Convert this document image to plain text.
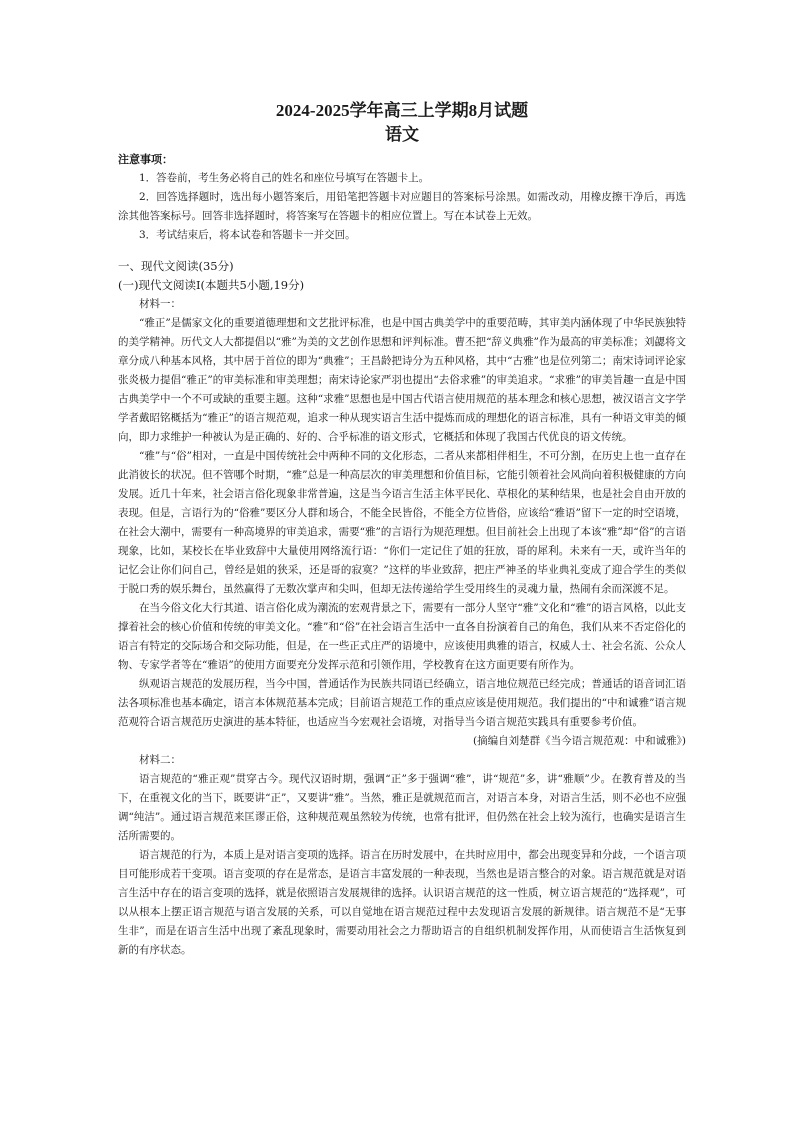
2024-2025学年高三上学期8月试题
语文
注意事项：
1．答卷前，考生务必将自己的姓名和座位号填写在答题卡上。
2．回答选择题时，选出每小题答案后，用铅笔把答题卡对应题目的答案标号涂黑。如需改动，用橡皮擦干净后，再选涂其他答案标号。回答非选择题时，将答案写在答题卡的相应位置上。写在本试卷上无效。
3．考试结束后，将本试卷和答题卡一并交回。
一、现代文阅读(35分)
(一)现代文阅读Ⅰ(本题共5小题,19分)
材料一：
“雅正”是儒家文化的重要道德理想和文艺批评标准，也是中国古典美学中的重要范畴，其审美内涵体现了中华民族独特的美学精神。历代文人大都提倡以“雅”为美的文艺创作思想和评判标准。曹丕把“辞义典雅”作为最高的审美标准；刘勰将文章分成八种基本风格，其中居于首位的即为“典雅”；王昌龄把诗分为五种风格，其中“古雅”也是位列第二；南宋诗词评论家张炎极力提倡“雅正”的审美标准和审美理想；南宋诗论家严羽也提出“去俗求雅”的审美追求。“求雅”的审美旨趣一直是中国古典美学中一个不可或缺的重要主题。这种“求雅”思想也是中国古代语言使用规范的基本理念和核心思想，被汉语言文字学学者戴昭铭概括为“雅正”的语言规范观，追求一种从现实语言生活中提炼而成的理想化的语言标准，具有一种语文审美的倾向，即力求维护一种被认为是正确的、好的、合乎标准的语文形式，它概括和体现了我国古代优良的语文传统。
“雅”与“俗”相对，一直是中国传统社会中两种不同的文化形态，二者从来都相伴相生，不可分割，在历史上也一直存在此消彼长的状况。但不管哪个时期，“雅”总是一种高层次的审美理想和价值目标，它能引领着社会风尚向着积极健康的方向发展。近几十年来，社会语言俗化现象非常普遍，这是当今语言生活主体平民化、草根化的某种结果，也是社会自由开放的表现。但是，言语行为的“俗雅”要区分人群和场合，不能全民皆俗，不能全方位皆俗，应该给“雅语”留下一定的时空语境，在社会大潮中，需要有一种高境界的审美追求，需要“雅”的言语行为规范理想。但目前社会上出现了本该“雅”却“俗”的言语现象，比如，某校长在毕业致辞中大量使用网络流行语：“你们一定记住了姐的狂放，哥的犀利。未来有一天，或许当年的记忆会让你们问自己，曾经是姐的狭采，还是哥的寂寞？”这样的毕业致辞，把庄严神圣的毕业典礼变成了迎合学生的类似于脱口秀的娱乐舞台，虽然赢得了无数次掌声和尖叫，但却无法传递给学生受用终生的灵魂力量，热闹有余而深渡不足。
在当今俗文化大行其道、语言俗化成为潮流的宏观背景之下，需要有一部分人坚守“雅”文化和“雅”的语言风格，以此支撑着社会的核心价值和传统的审美文化。“雅”和“俗”在社会语言生活中一直各自扮演着自己的角色，我们从来不否定俗化的语言有特定的交际场合和交际功能，但是，在一些正式庄严的语境中，应该使用典雅的语言，权威人士、社会名流、公众人物、专家学者等在“雅语”的使用方面要充分发挥示范和引领作用，学校教育在这方面更要有所作为。
纵观语言规范的发展历程，当今中国，普通话作为民族共同语已经确立，语言地位规范已经完成；普通话的语音词汇语法各项标准也基本确定，语言本体规范基本完成；目前语言规范工作的重点应该是使用规范。我们提出的“中和诚雅”语言规范观符合语言规范历史演进的基本特征，也适应当今宏观社会语境，对指导当今语言规范实践具有重要参考价值。
(摘编自刘楚群《当今语言规范观：中和诚雅》)
材料二：
语言规范的“雅正观”贯穿古今。现代汉语时期，强调“正”多于强调“雅”，讲“规范”多，讲“雅顺”少。在教育普及的当下，在重视文化的当下，既要讲“正”，又要讲“雅”。当然，雅正是就规范而言，对语言本身，对语言生活，则不必也不应强调“纯洁”。通过语言规范来匡谬正俗，这种规范观虽然较为传统，也常有批评，但仍然在社会上较为流行，也确实是语言生活所需要的。
语言规范的行为，本质上是对语言变项的选择。语言在历时发展中，在共时应用中，都会出现变异和分歧，一个语言项目可能形成若干变项。语言变项的存在是常态，是语言丰富发展的一种表现，当然也是语言整合的对象。语言规范就是对语言生活中存在的语言变项的选择，就是依照语言发展规律的选择。认识语言规范的这一性质，树立语言规范的“选择观”，可以从根本上摆正语言规范与语言发展的关系，可以自觉地在语言规范过程中去发现语言发展的新规律。语言规范不是“无事生非”，而是在语言生活中出现了紊乱现象时，需要动用社会之力帮助语言的自组织机制发挥作用，从而使语言生活恢复到新的有序状态。
